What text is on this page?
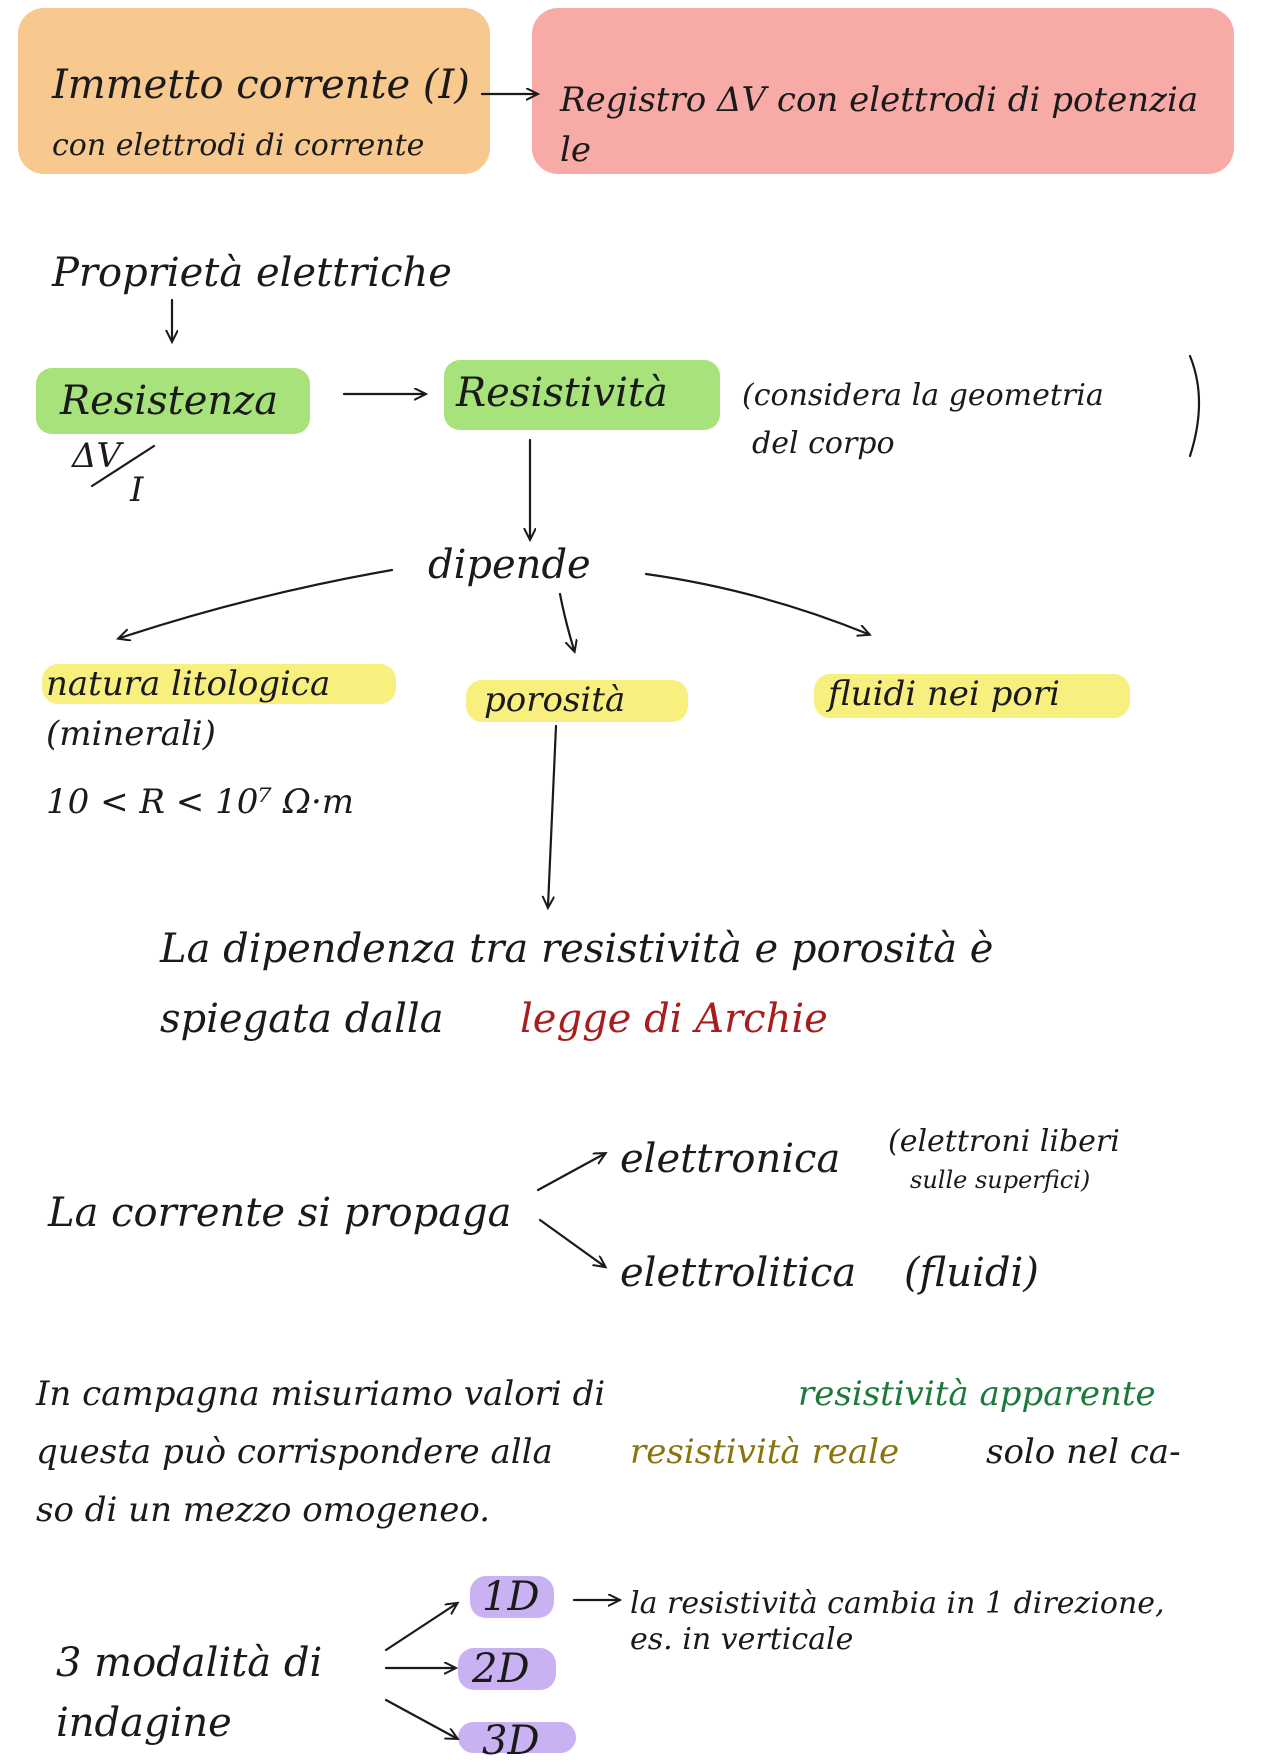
Immetto corrente (I)
con elettrodi di corrente
Registro ΔV con elettrodi di potenzia
le
Proprietà elettriche
Resistenza
ΔV
I
Resistività (considera la geometria
del corpo
dipende
natura litologica
(minerali)
10 < R < 10⁷ Ω·m
porosità	fluidi nei pori
La dipendenza tra resistività e porosità è
spiegata dalla legge di Archie
La corrente si propaga
elettronica (elettroni liberi
sulle superfici)
elettrolitica (fluidi)
In campagna misuriamo valori di	resistività apparente
questa può corrispondere alla resistività reale	solo nel ca-
so di un mezzo omogeneo.
3 modalità di
indagine
1D
2D
3D
la resistività cambia in 1 direzione,
es. in verticale
